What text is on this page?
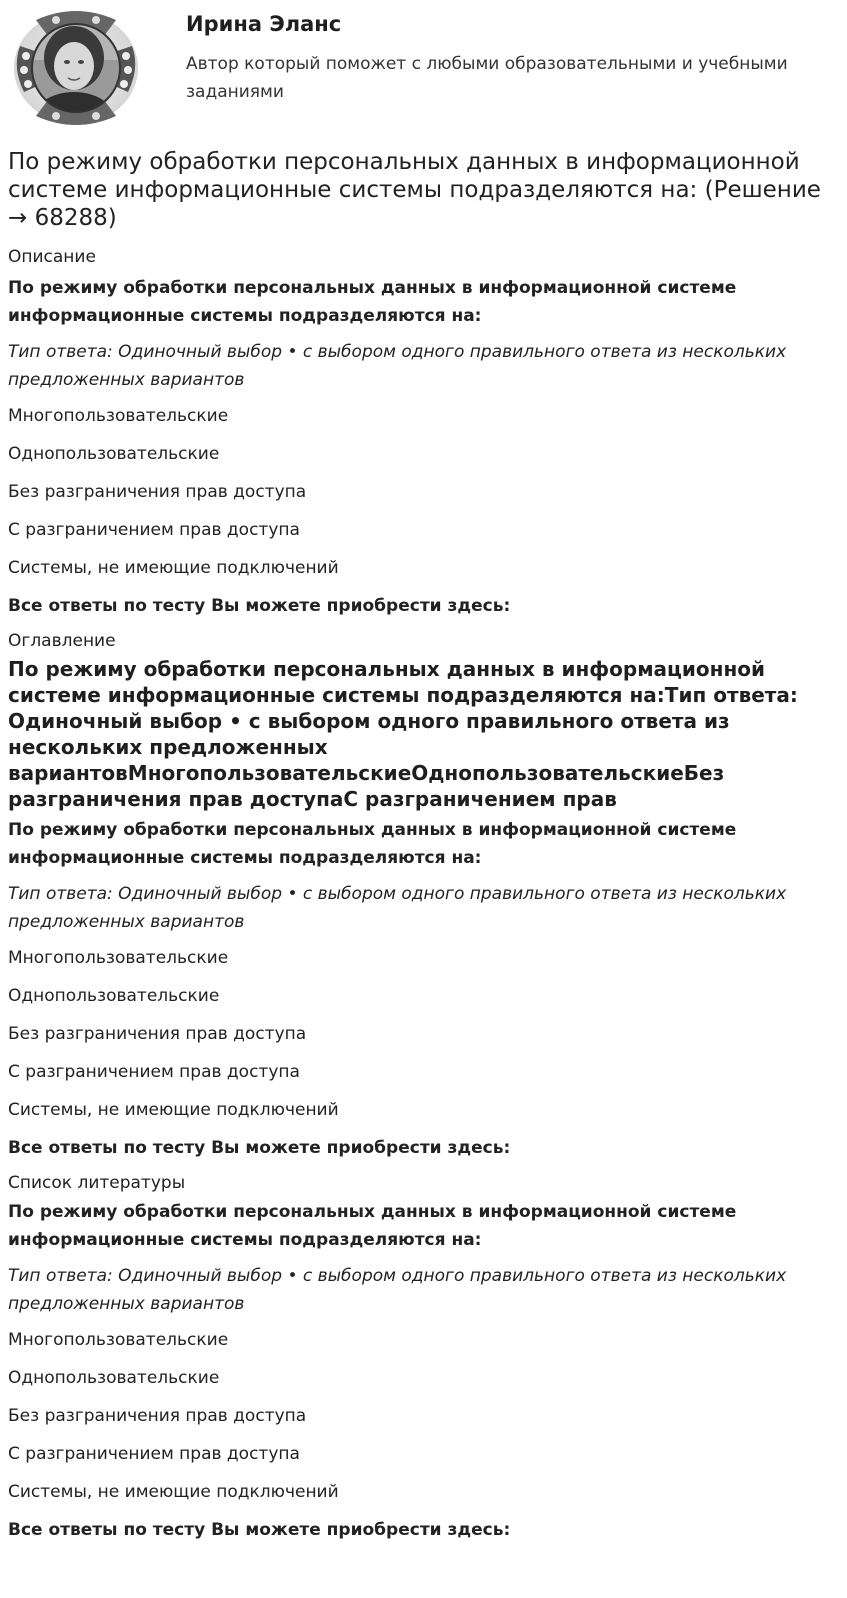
Ирина Эланс
Автор который поможет с любыми образовательными и учебными заданиями
По режиму обработки персональных данных в информационной системе информационные системы подразделяются на: (Решение → 68288)
Описание

По режиму обработки персональных данных в информационной системе информационные системы подразделяются на:

Тип ответа: Одиночный выбор • с выбором одного правильного ответа из нескольких предложенных вариантов

Многопользовательские

Однопользовательские

Без разграничения прав доступа

С разграничением прав доступа

Системы, не имеющие подключений

Все ответы по тесту Вы можете приобрести здесь:

Оглавление
По режиму обработки персональных данных в информационной системе информационные системы подразделяются на:Тип ответа: Одиночный выбор • с выбором одного правильного ответа из нескольких предложенных вариантовМногопользовательскиеОднопользовательскиеБез разграничения прав доступаС разграничением прав

По режиму обработки персональных данных в информационной системе информационные системы подразделяются на:

Тип ответа: Одиночный выбор • с выбором одного правильного ответа из нескольких предложенных вариантов

Многопользовательские

Однопользовательские

Без разграничения прав доступа

С разграничением прав доступа

Системы, не имеющие подключений

Все ответы по тесту Вы можете приобрести здесь:

Список литературы

По режиму обработки персональных данных в информационной системе информационные системы подразделяются на:

Тип ответа: Одиночный выбор • с выбором одного правильного ответа из нескольких предложенных вариантов

Многопользовательские

Однопользовательские

Без разграничения прав доступа

С разграничением прав доступа

Системы, не имеющие подключений

Все ответы по тесту Вы можете приобрести здесь:
